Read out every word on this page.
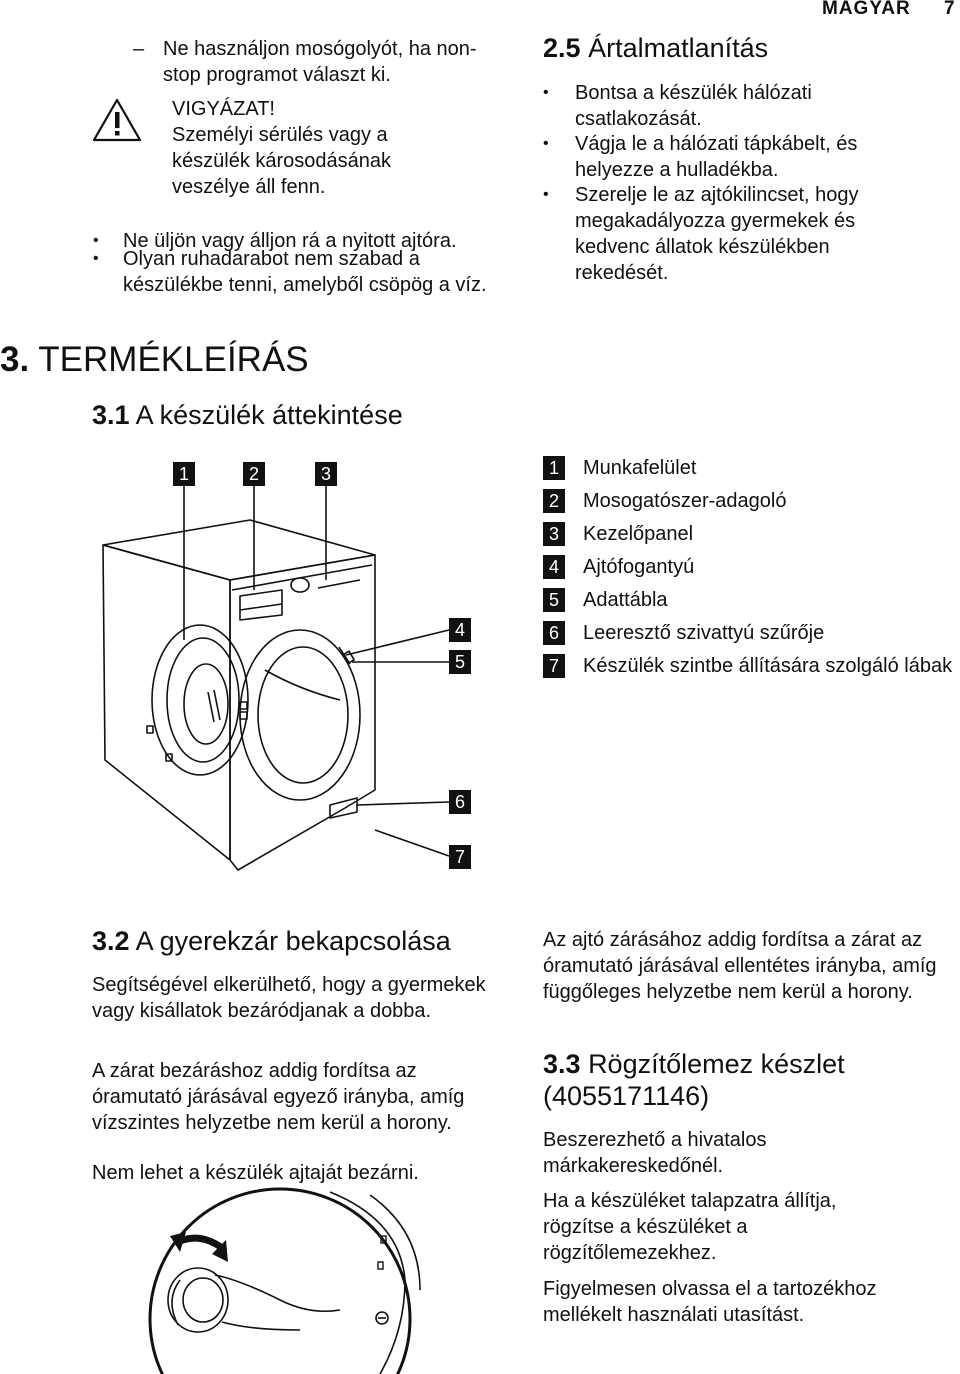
MAGYAR 7
– Ne használjon mosógolyót, ha non-stop programot választ ki.
VIGYÁZAT!
Személyi sérülés vagy a készülék károsodásának veszélye áll fenn.
• Ne üljön vagy álljon rá a nyitott ajtóra.
• Olyan ruhadarabot nem szabad a készülékbe tenni, amelyből csöpög a víz.
2.5 Ártalmatlanítás
• Bontsa a készülék hálózati csatlakozását.
• Vágja le a hálózati tápkábelt, és helyezze a hulladékba.
• Szerelje le az ajtókilincset, hogy megakadályozza gyermekek és kedvenc állatok készülékben rekedését.
3. TERMÉKLEÍRÁS
3.1 A készülék áttekintése
1	2	3
4
5
6
7
1	Munkafelület
2	Mosogatószer-adagoló
3	Kezelőpanel
4	Ajtófogantyú
5	Adattábla
6	Leeresztő szivattyú szűrője
7	Készülék szintbe állítására szolgáló lábak
3.2 A gyerekzár bekapcsolása
Segítségével elkerülhető, hogy a gyermekek vagy kisállatok bezáródjanak a dobba.
A zárat bezáráshoz addig fordítsa az óramutató járásával egyező irányba, amíg vízszintes helyzetbe nem kerül a horony.
Nem lehet a készülék ajtaját bezárni.
Az ajtó zárásához addig fordítsa a zárat az óramutató járásával ellentétes irányba, amíg függőleges helyzetbe nem kerül a horony.
3.3 Rögzítőlemez készlet
(4055171146)
Beszerezhető a hivatalos márkakereskedőnél.
Ha a készüléket talapzatra állítja, rögzítse a készüléket a rögzítőlemezekhez.
Figyelmesen olvassa el a tartozékhoz mellékelt használati utasítást.
